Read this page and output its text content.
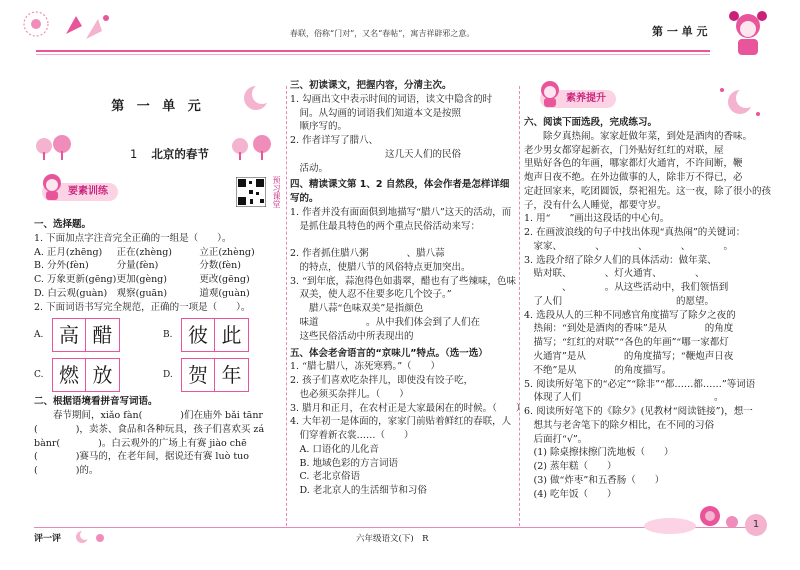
春联，俗称“门对”，又名“春帖”，寓吉祥辟邪之意。	第 一 单 元
第 一 单 元
1 北京的春节
要素训练	预习课堂
一、选择题。

1. 下面加点字注音完全正确的一组是（　　）。

A. 正月(zhēng)	正在(zhèng)	立正(zhèng)
B. 分外(fèn)	分量(fèn)	分数(fèn)
C. 万象更新(gēng) 更加(gèng)	更改(gēng)
D. 白云观(guàn) 观察(guān)	道观(guàn)

2. 下面词语书写完全规范，正确的一项是（　　）。

A. 高 醋	B. 彼 此
C. 燃 放	D. 贺 年
二、根据语境看拼音写词语。

　　春节期间，xiǎo fàn(　　　　)们在庙外 bǎi tānr

(　　　　)，卖茶、食品和各种玩具，孩子们喜欢买 zá

bànr(　　　　)。白云观外的广场上有赛 jiào chē

(　　　　)赛马的，在老年间，据说还有赛 luò tuo

(　　　　)的。

三、初读课文，把握内容，分清主次。

1. 勾画出文中表示时间的词语，读文中隐含的时

　间。从勾画的词语我们知道本文是按照

　顺序写的。

2. 作者详写了腊八、

　　　　　　　　　　这几天人们的民俗

　活动。

四、精读课文第 1、2 自然段，体会作者是怎样详细写的。

1. 作者并没有面面俱到地描写“腊八”这天的活动，而

　是抓住最具特色的两个重点民俗活动来写：

2. 作者抓住腊八粥　　　　、腊八蒜

　的特点，使腊八节的风俗特点更加突出。

3. “到年底，蒜泡得色如翡翠，醋也有了些辣味，色味

　双美，使人忍不住要多吃几个饺子。”

　　腊八蒜“色味双美”是指颜色

　味道　　　　　。从中我们体会到了人们在

　这些民俗活动中所表现出的

五、体会老舍语言的“京味儿”特点。（选一选）

1. “腊七腊八，冻死寒鸦。”（　　）

2. 孩子们喜欢吃杂拌儿，即使没有饺子吃，

　也必须买杂拌儿。（　　）

3. 腊月和正月，在农村正是大家最闲在的时候。（　　）

4. 大年初一是体面的，家家门前贴着鲜红的春联，人

　们穿着新衣裳……（　　）

　A. 口语化的儿化音

　B. 地域色彩的方言词语

　C. 老北京俗语

　D. 老北京人的生活细节和习俗

素养提升
六、阅读下面选段，完成练习。

　　除夕真热闹。家家赶做年菜，到处是酒肉的香味。

老少男女都穿起新衣，门外贴好红红的对联，屋

里贴好各色的年画，哪家都灯火通宵，不许间断，鞭

炮声日夜不绝。在外边做事的人，除非万不得已，必

定赶回家来，吃团圆饭，祭祀祖先。这一夜，除了很小的孩

子，没有什么人睡觉，都要守岁。

1. 用“　　”画出这段话的中心句。

2. 在画波浪线的句子中找出体现“真热闹”的关键词：

　家家、　　　　、　　　　、　　　　、　　　　。

3. 选段介绍了除夕人们的具体活动：做年菜、

　贴对联、　　　　、灯火通宵、　　　　、

　　　　、　　　　。从这些活动中，我们领悟到

　了人们　　　　　　　　　　　　的愿望。

4. 选段从人的三种不同感官角度描写了除夕之夜的

　热闹：“到处是酒肉的香味”是从　　　　的角度

　描写；“红红的对联”“各色的年画”“哪一家都灯

　火通宵”是从　　　　的角度描写；“鞭炮声日夜

　不绝”是从　　　　的角度描写。

5. 阅读所好笔下的“必定”“除非”“都……都……”等词语

　体现了人们　　　　　　　　　　　　　　。

6. 阅读所好笔下的《除夕》(见教材“阅读链接”)，想一

　想其与老舍笔下的除夕相比，在不同的习俗

　后面打“√”。

　(1) 除桌擦抹擦门洗地板（　　）

　(2) 蒸年糕（　　）

　(3) 做“炸枣”和五香肠（　　）

　(4) 吃年饭（　　）

评一评	六年级语文(下)　R
1
